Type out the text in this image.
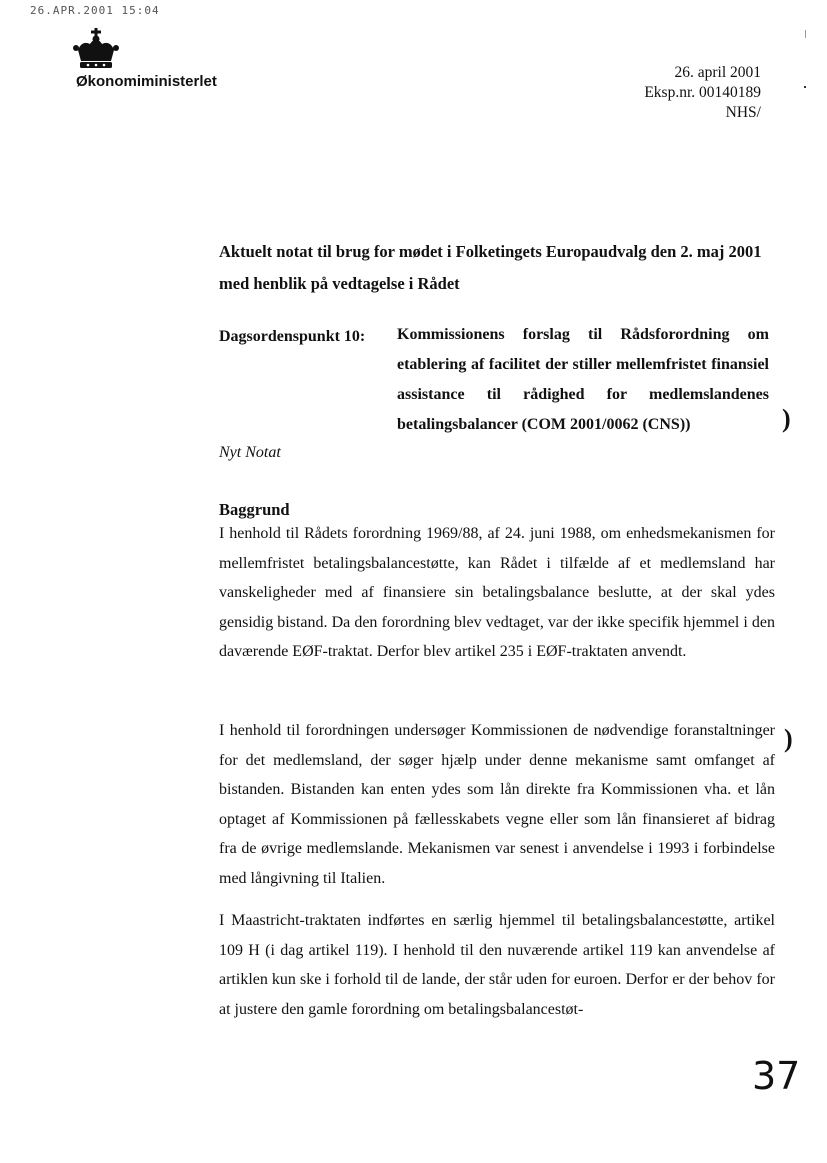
26.APR.2001 15:04
Økonomiministerlet
26. april 2001
Eksp.nr. 00140189
NHS/
Aktuelt notat til brug for mødet i Folketingets Europaudvalg den 2. maj 2001 med henblik på vedtagelse i Rådet
Dagsordenspunkt 10: Kommissionens forslag til Rådsforordning om etablering af facilitet der stiller mellemfristet finansiel assistance til rådighed for medlemslandenes betalingsbalancer (COM 2001/0062 (CNS))
Nyt Notat
Baggrund
I henhold til Rådets forordning 1969/88, af 24. juni 1988, om enhedsmekanismen for mellemfristet betalingsbalancestøtte, kan Rådet i tilfælde af et medlemsland har vanskeligheder med af finansiere sin betalingsbalance beslutte, at der skal ydes gensidig bistand. Da den forordning blev vedtaget, var der ikke specifik hjemmel i den daværende EØF-traktat. Derfor blev artikel 235 i EØF-traktaten anvendt.
I henhold til forordningen undersøger Kommissionen de nødvendige foranstaltninger for det medlemsland, der søger hjælp under denne mekanisme samt omfanget af bistanden. Bistanden kan enten ydes som lån direkte fra Kommissionen vha. et lån optaget af Kommissionen på fællesskabets vegne eller som lån finansieret af bidrag fra de øvrige medlemslande. Mekanismen var senest i anvendelse i 1993 i forbindelse med långivning til Italien.
I Maastricht-traktaten indførtes en særlig hjemmel til betalingsbalancestøtte, artikel 109 H (i dag artikel 119). I henhold til den nuværende artikel 119 kan anvendelse af artiklen kun ske i forhold til de lande, der står uden for euroen. Derfor er der behov for at justere den gamle forordning om betalingsbalancestøt-
)
)
37
